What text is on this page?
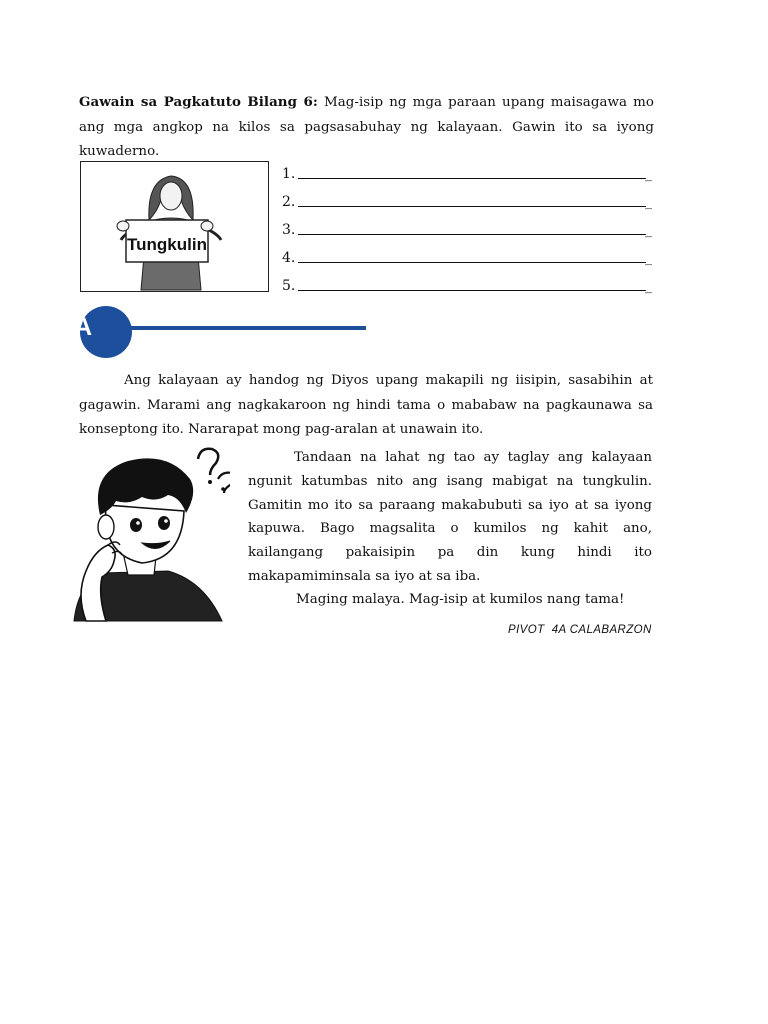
Gawain sa Pagkatuto Bilang 6: Mag-isip ng mga paraan upang maisagawa mo ang mga angkop na kilos sa pagsasabuhay ng kalayaan. Gawin ito sa iyong kuwaderno.
Tungkulin
1.	_
2.	_
3.	_
4.	_
5.	_
A

Ang kalayaan ay handog ng Diyos upang makapili ng iisipin, sasabihin at gagawin. Marami ang nagkakaroon ng hindi tama o mababaw na pagkaunawa sa konseptong ito. Nararapat mong pag-aralan at unawain ito.

Tandaan na lahat ng tao ay taglay ang kalayaan ngunit katumbas nito ang isang mabigat na tungkulin. Gamitin mo ito sa paraang makabubuti sa iyo at sa iyong kapuwa. Bago magsalita o kumilos ng kahit ano, kailangang pakaisipin pa din kung hindi ito makapamiminsala sa iyo at sa iba.

Maging malaya. Mag-isip at kumilos nang tama!
PIVOT  4A CALABARZON
